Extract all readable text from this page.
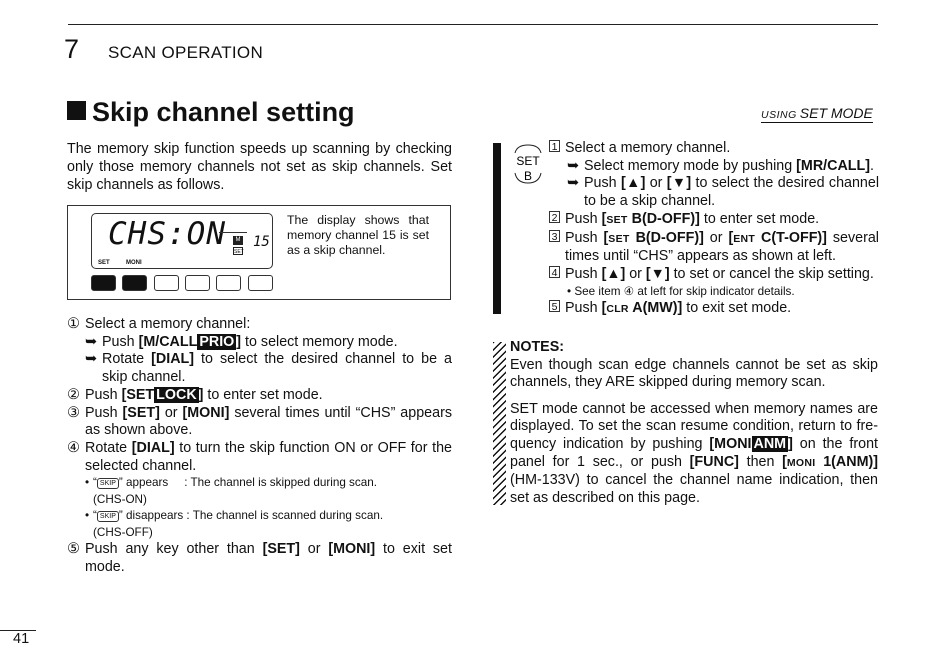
7 SCAN OPERATION
Skip channel setting	USING SET MODE
The memory skip function speeds up scanning by checking only those memory channels not set as skip channels. Set skip channels as follows.
CHS:ON	M
SET
15
SET	MONI
The display shows that memory channel 15 is set as a skip channel.
① Select a memory channel:
➥ Push [M/CALL PRIO ] to select memory mode.
➥ Rotate [DIAL] to select the desired channel to be a skip channel.
② Push [SET LOCK ] to enter set mode.
③ Push [SET] or [MONI] several times until “CHS” appears as shown above.
④ Rotate [DIAL] to turn the skip function ON or OFF for the selected channel.
• “ SKIP ” appears : The channel is skipped during scan.
(CHS-ON)
• “ SKIP ” disappears : The channel is scanned during scan.
(CHS-OFF)
⑤ Push any key other than [SET] or [MONI] to exit set mode.
SET
B
1 Select a memory channel.
➥ Select memory mode by pushing [MR/CALL].
➥ Push [▲] or [▼] to select the desired channel to be a skip channel.
2 Push [SET B(D-OFF)] to enter set mode.
3 Push [SET B(D-OFF)] or [ENT C(T-OFF)] several times until “CHS” appears as shown at left.
4 Push [▲] or [▼] to set or cancel the skip setting.
• See item ④ at left for skip indicator details.
5 Push [CLR A(MW)] to exit set mode.

NOTES:

Even though scan edge channels cannot be set as skip channels, they ARE skipped during memory scan.

SET mode cannot be accessed when memory names are displayed. To set the scan resume condition, return to fre-quency indication by pushing [MONI ANM ] on the front panel for 1 sec., or push [FUNC] then [MONI 1(ANM)] (HM-133V) to cancel the channel name indication, then set as described on this page.

41
